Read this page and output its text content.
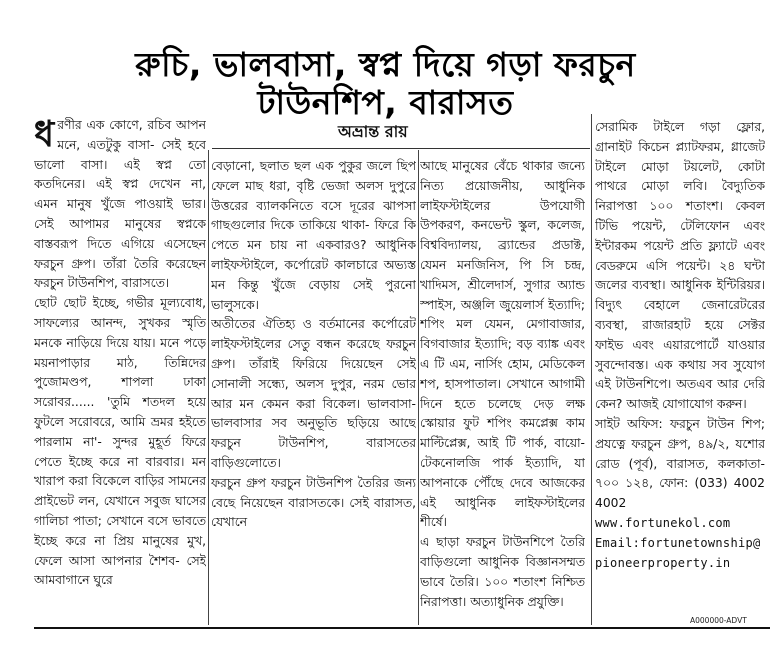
রুচি, ভালবাসা, স্বপ্ন দিয়ে গড়া ফরচুন
টাউনশিপ, বারাসত
অভ্রান্ত রায়

ধরণীর এক কোণে, রচিব আপন মনে, এতটুকু বাসা- সেই হবে ভালো বাসা। এই স্বপ্ন তো কতদিনের। এই স্বপ্ন দেখেন না, এমন মানুষ খুঁজে পাওয়াই ভার। সেই আপামর মানুষের স্বপ্নকে বাস্তবরূপ দিতে এগিয়ে এসেছেন ফরচুন গ্রুপ। তাঁরা তৈরি করেছেন ফরচুন টাউনশিপ, বারাসতে।

ছোট ছোট ইচ্ছে, গভীর মূল্যবোধ, সাফল্যের আনন্দ, সুখকর স্মৃতি মনকে নাড়িয়ে দিয়ে যায়। মনে পড়ে ময়নাপাড়ার মাঠ, তিন্নিদের পুজোমণ্ডপ, শাপলা ঢাকা সরোবর...... 'তুমি শতদল হয়ে ফুটলে সরোবরে, আমি ভ্রমর হইতে পারলাম না'- সুন্দর মুহূর্ত ফিরে পেতে ইচ্ছে করে না বারবার। মন খারাপ করা বিকেলে বাড়ির সামনের প্রাইভেট লন, যেখানে সবুজ ঘাসের গালিচা পাতা; সেখানে বসে ভাবতে ইচ্ছে করে না প্রিয় মানুষের মুখ, ফেলে আসা আপনার শৈশব- সেই আমবাগানে ঘুরে

বেড়ানো, ছলাত ছল এক পুকুর জলে ছিপ ফেলে মাছ ধরা, বৃষ্টি ভেজা অলস দুপুরে উত্তরের ব্যালকনিতে বসে দূরের ঝাপসা গাছগুলোর দিকে তাকিয়ে থাকা- ফিরে কি পেতে মন চায় না একবারও? আধুনিক লাইফস্টাইলে, কর্পোরেট কালচারে অভ্যস্ত মন কিন্তু খুঁজে বেড়ায় সেই পুরনো ভালুসকে।

অতীতের ঐতিহ্য ও বর্তমানের কর্পোরেট লাইফস্টাইলের সেতু বন্ধন করেছে ফরচুন গ্রুপ। তাঁরাই ফিরিয়ে দিয়েছেন সেই সোনালী সন্ধ্যে, অলস দুপুর, নরম ভোর আর মন কেমন করা বিকেল। ভালবাসা- ভালবাসার সব অনুভূতি ছড়িয়ে আছে ফরচুন টাউনশিপ, বারাসতের বাড়িগুলোতে।

ফরচুন গ্রুপ ফরচুন টাউনশিপ তৈরির জন্য বেছে নিয়েছেন বারাসতকে। সেই বারাসত, যেখানে

আছে মানুষের বেঁচে থাকার জন্যে নিত্য প্রয়োজনীয়, আধুনিক লাইফস্টাইলের উপযোগী উপকরণ, কনভেন্ট স্কুল, কলেজ, বিশ্ববিদ্যালয়, ব্র্যান্ডের প্রডাক্ট, যেমন মনজিনিস, পি সি চন্দ্র, খাদিমস, শ্রীলেদার্স, সুগার অ্যান্ড স্পাইস, অঞ্জলি জুয়েলার্স ইত্যাদি; শপিং মল যেমন, মেগাবাজার, বিগবাজার ইত্যাদি; বড় ব্যাঙ্ক এবং এ টি এম, নার্সিং হোম, মেডিকেল শপ, হাসপাতাল। সেখানে আগামী দিনে হতে চলেছে দেড় লক্ষ স্কোয়ার ফুট শপিং কমপ্লেক্স কাম মাল্টিপ্লেক্স, আই টি পার্ক, বায়ো-টেকনোলজি পার্ক ইত্যাদি, যা আপনাকে পৌঁছে দেবে আজকের এই আধুনিক লাইফস্টাইলের শীর্ষে।

এ ছাড়া ফরচুন টাউনশিপে তৈরি বাড়িগুলো আধুনিক বিজ্ঞানসম্মত ভাবে তৈরি। ১০০ শতাংশ নিশ্চিত নিরাপত্তা। অত্যাধুনিক প্রযুক্তি।

সেরামিক টাইলে গড়া ফ্লোর, গ্রানাইট কিচেন প্ল্যাটফরম, গ্লাজেট টাইলে মোড়া টয়লেট, কোটা পাথরে মোড়া লবি। বৈদ্যুতিক নিরাপত্তা ১০০ শতাংশ। কেবল টিভি পয়েন্ট, টেলিফোন এবং ইন্টারকম পয়েন্ট প্রতি ফ্ল্যাটে এবং বেডরুমে এসি পয়েন্ট। ২৪ ঘন্টা জলের ব্যবস্থা। আধুনিক ইন্টিরিয়র। বিদ্যুৎ বেহালে জেনারেটরের ব্যবস্থা, রাজারহাট হয়ে সেক্টর ফাইভ এবং এয়ারপোর্টে যাওয়ার সুবন্দোবস্ত। এক কথায় সব সুযোগ এই টাউনশিপে। অতএব আর দেরি কেন? আজই যোগাযোগ করুন।

সাইট অফিস: ফরচুন টাউন শিপ; প্রযত্নে ফরচুন গ্রুপ, ৪৯/২, যশোর রোড (পূর্ব), বারাসত, কলকাতা- ৭০০ ১২৪, ফোন: (033) 4002 4002

www.fortunekol.com

Email:fortunetownship@

pioneerproperty.in

A000000-ADVT
